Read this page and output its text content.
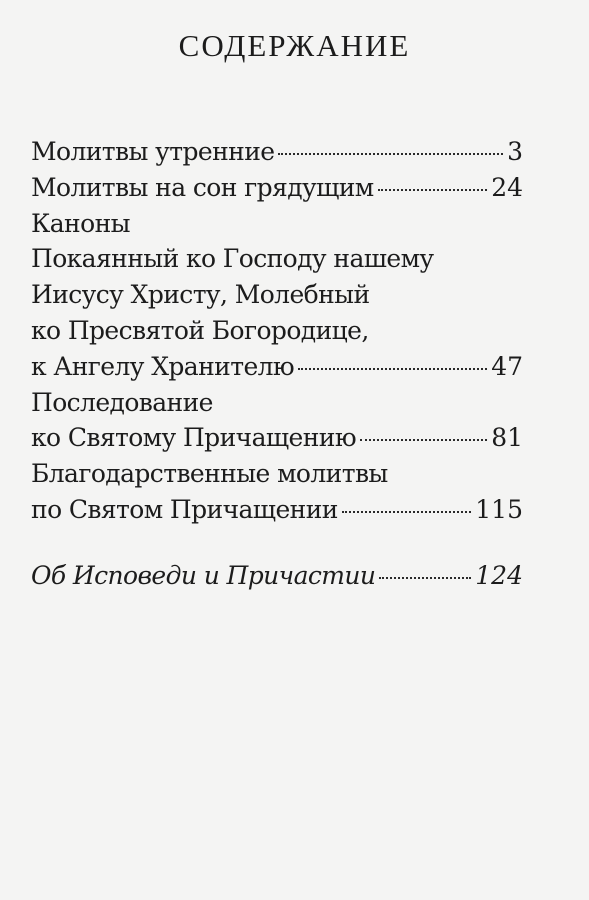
СОДЕРЖАНИЕ
Молитвы утренние	3
Молитвы на сон грядущим	24
Каноны
Покаянный ко Господу нашему
Иисусу Христу, Молебный
ко Пресвятой Богородице,
к Ангелу Хранителю	47
Последование
ко Святому Причащению	81
Благодарственные молитвы
по Святом Причащении	115
Об Исповеди и Причастии	124
